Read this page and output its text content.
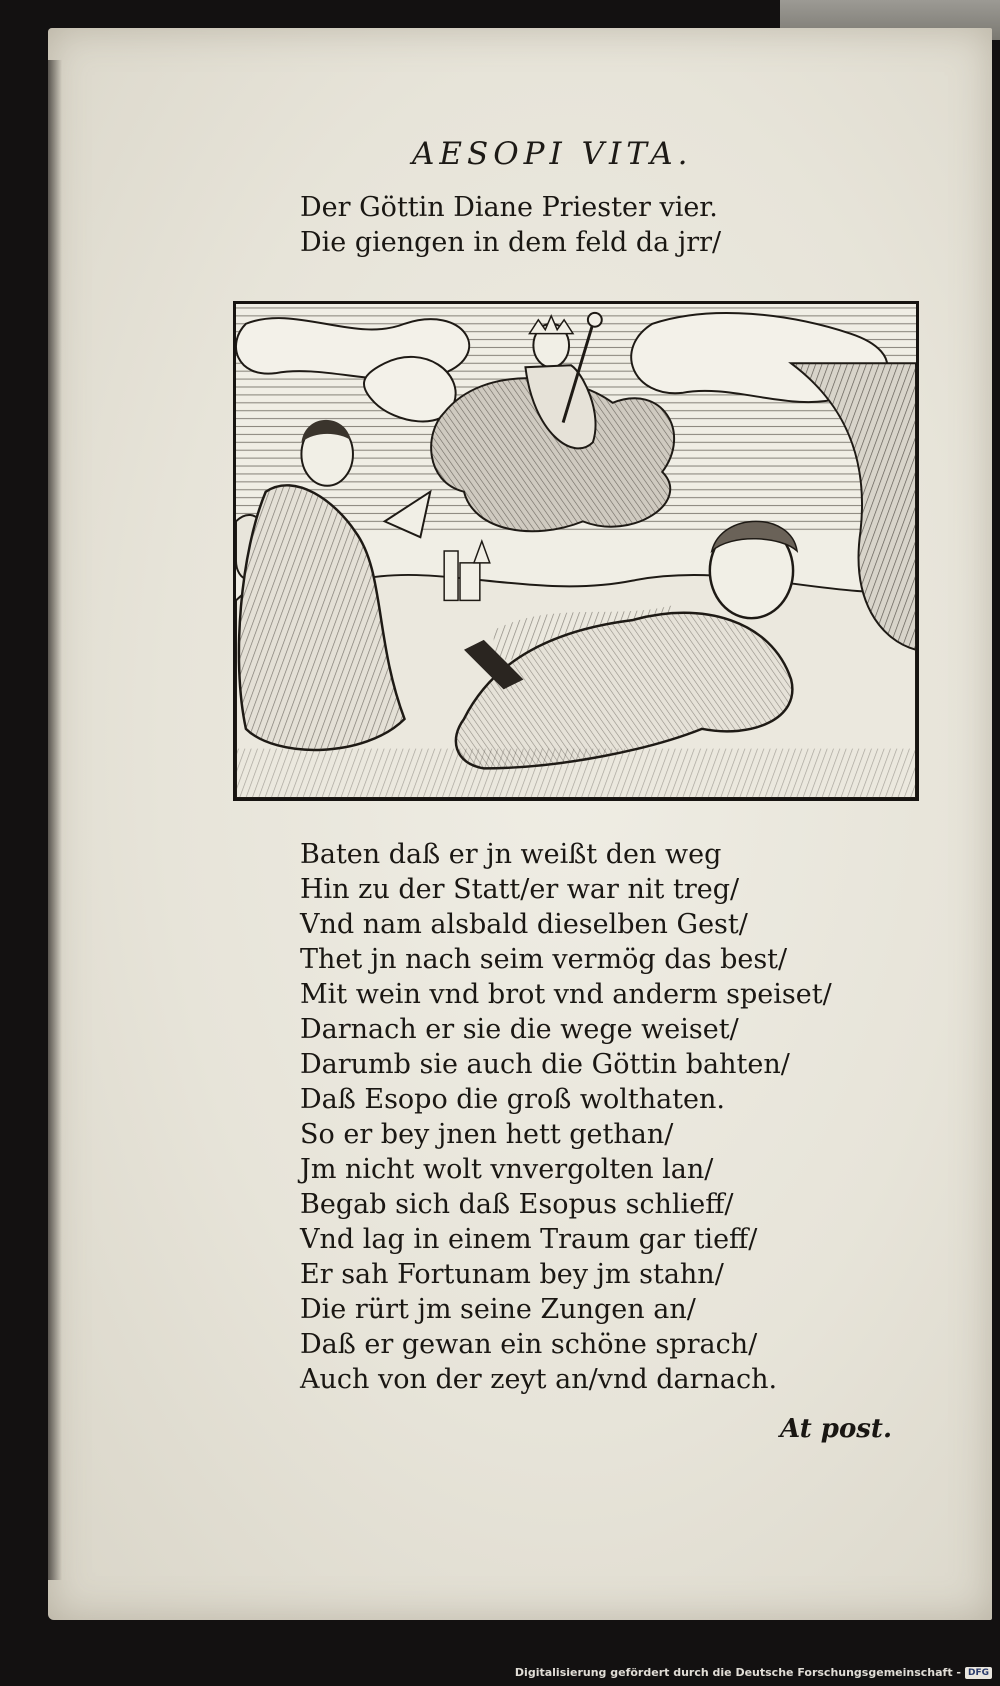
AESOPI VITA.
Der Göttin Diane Priester vier.
Die giengen in dem feld da jrr/
Baten daß er jn weißt den weg
Hin zu der Statt/er war nit treg/
Vnd nam alsbald dieselben Gest/
Thet jn nach seim vermög das best/
Mit wein vnd brot vnd anderm speiset/
Darnach er sie die wege weiset/
Darumb sie auch die Göttin bahten/
Daß Esopo die groß wolthaten.
So er bey jnen hett gethan/
Jm nicht wolt vnvergolten lan/
Begab sich daß Esopus schlieff/
Vnd lag in einem Traum gar tieff/
Er sah Fortunam bey jm stahn/
Die rürt jm seine Zungen an/
Daß er gewan ein schöne sprach/
Auch von der zeyt an/vnd darnach.
At post.
Digitalisierung gefördert durch die Deutsche Forschungsgemeinschaft - DFG
